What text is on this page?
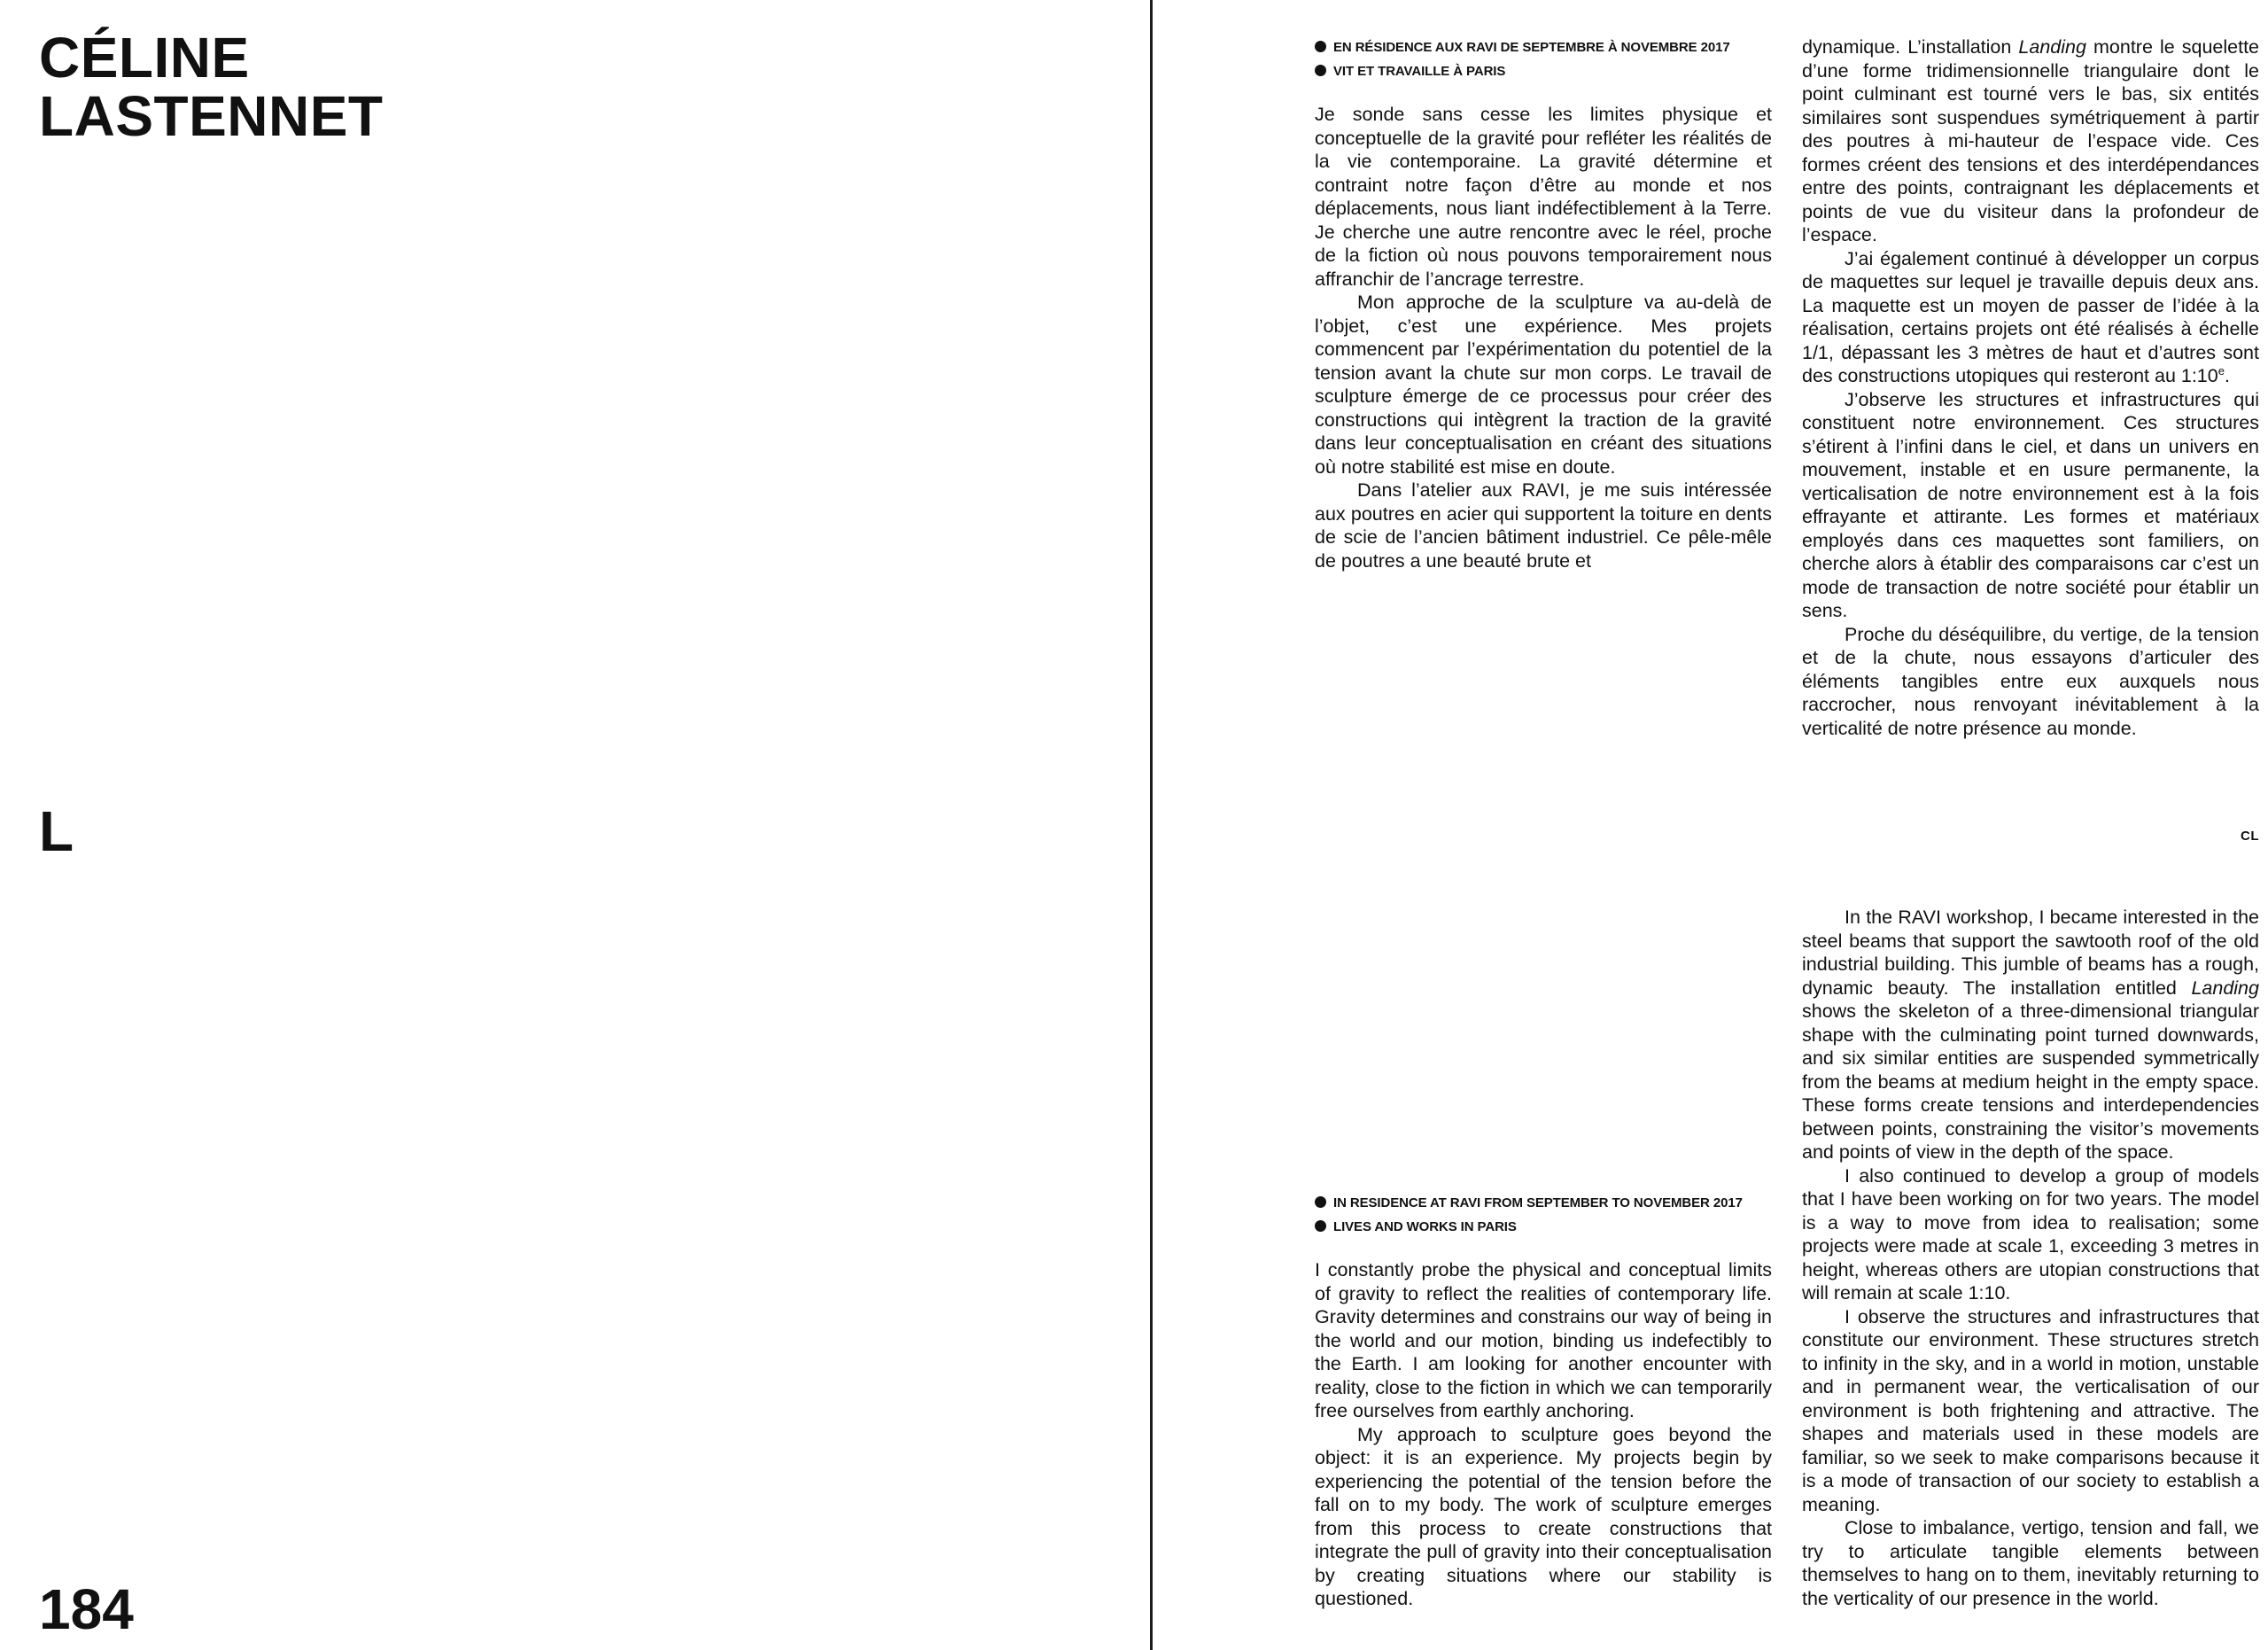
CÉLINE
LASTENNET
L
184
EN RÉSIDENCE AUX RAVI DE SEPTEMBRE À NOVEMBRE 2017
VIT ET TRAVAILLE À PARIS

Je sonde sans cesse les limites physique et conceptuelle de la gravité pour refléter les réalités de la vie contemporaine. La gravité détermine et contraint notre façon d’être au monde et nos déplacements, nous liant indéfectiblement à la Terre. Je cherche une autre rencontre avec le réel, proche de la fiction où nous pouvons temporairement nous affranchir de l’ancrage terrestre.

Mon approche de la sculpture va au-delà de l’objet, c’est une expérience. Mes projets commencent par l’expérimentation du potentiel de la tension avant la chute sur mon corps. Le travail de sculpture émerge de ce processus pour créer des constructions qui intègrent la traction de la gravité dans leur conceptualisation en créant des situations où notre stabilité est mise en doute.

Dans l’atelier aux RAVI, je me suis intéressée aux poutres en acier qui supportent la toiture en dents de scie de l’ancien bâtiment industriel. Ce pêle-mêle de poutres a une beauté brute et

dynamique. L’installation Landing montre le squelette d’une forme tridimensionnelle triangulaire dont le point culminant est tourné vers le bas, six entités similaires sont suspendues symétriquement à partir des poutres à mi-hauteur de l’espace vide. Ces formes créent des tensions et des interdépendances entre des points, contraignant les déplacements et points de vue du visiteur dans la profondeur de l’espace.

J’ai également continué à développer un corpus de maquettes sur lequel je travaille depuis deux ans. La maquette est un moyen de passer de l’idée à la réalisation, certains projets ont été réalisés à échelle 1/1, dépassant les 3 mètres de haut et d’autres sont des constructions utopiques qui resteront au 1:10e.

J’observe les structures et infrastructures qui constituent notre environnement. Ces structures s’étirent à l’infini dans le ciel, et dans un univers en mouvement, instable et en usure permanente, la verticalisation de notre environnement est à la fois effrayante et attirante. Les formes et matériaux employés dans ces maquettes sont familiers, on cherche alors à établir des comparaisons car c’est un mode de transaction de notre société pour établir un sens.

Proche du déséquilibre, du vertige, de la tension et de la chute, nous essayons d’articuler des éléments tangibles entre eux auxquels nous raccrocher, nous renvoyant inévitablement à la verticalité de notre présence au monde.

CL
IN RESIDENCE AT RAVI FROM SEPTEMBER TO NOVEMBER 2017
LIVES AND WORKS IN PARIS

I constantly probe the physical and conceptual limits of gravity to reflect the realities of contemporary life. Gravity determines and constrains our way of being in the world and our motion, binding us indefectibly to the Earth. I am looking for another encounter with reality, close to the fiction in which we can temporarily free ourselves from earthly anchoring.

My approach to sculpture goes beyond the object: it is an experience. My projects begin by experiencing the potential of the tension before the fall on to my body. The work of sculpture emerges from this process to create constructions that integrate the pull of gravity into their conceptualisation by creating situations where our stability is questioned.

In the RAVI workshop, I became interested in the steel beams that support the sawtooth roof of the old industrial building. This jumble of beams has a rough, dynamic beauty. The installation entitled Landing shows the skeleton of a three-dimensional triangular shape with the culminating point turned downwards, and six similar entities are suspended symmetrically from the beams at medium height in the empty space. These forms create tensions and interdependencies between points, constraining the visitor’s movements and points of view in the depth of the space.

I also continued to develop a group of models that I have been working on for two years. The model is a way to move from idea to realisation; some projects were made at scale 1, exceeding 3 metres in height, whereas others are utopian constructions that will remain at scale 1:10.

I observe the structures and infrastructures that constitute our environment. These structures stretch to infinity in the sky, and in a world in motion, unstable and in permanent wear, the verticalisation of our environment is both frightening and attractive. The shapes and materials used in these models are familiar, so we seek to make comparisons because it is a mode of transaction of our society to establish a meaning.

Close to imbalance, vertigo, tension and fall, we try to articulate tangible elements between themselves to hang on to them, inevitably returning to the verticality of our presence in the world.
